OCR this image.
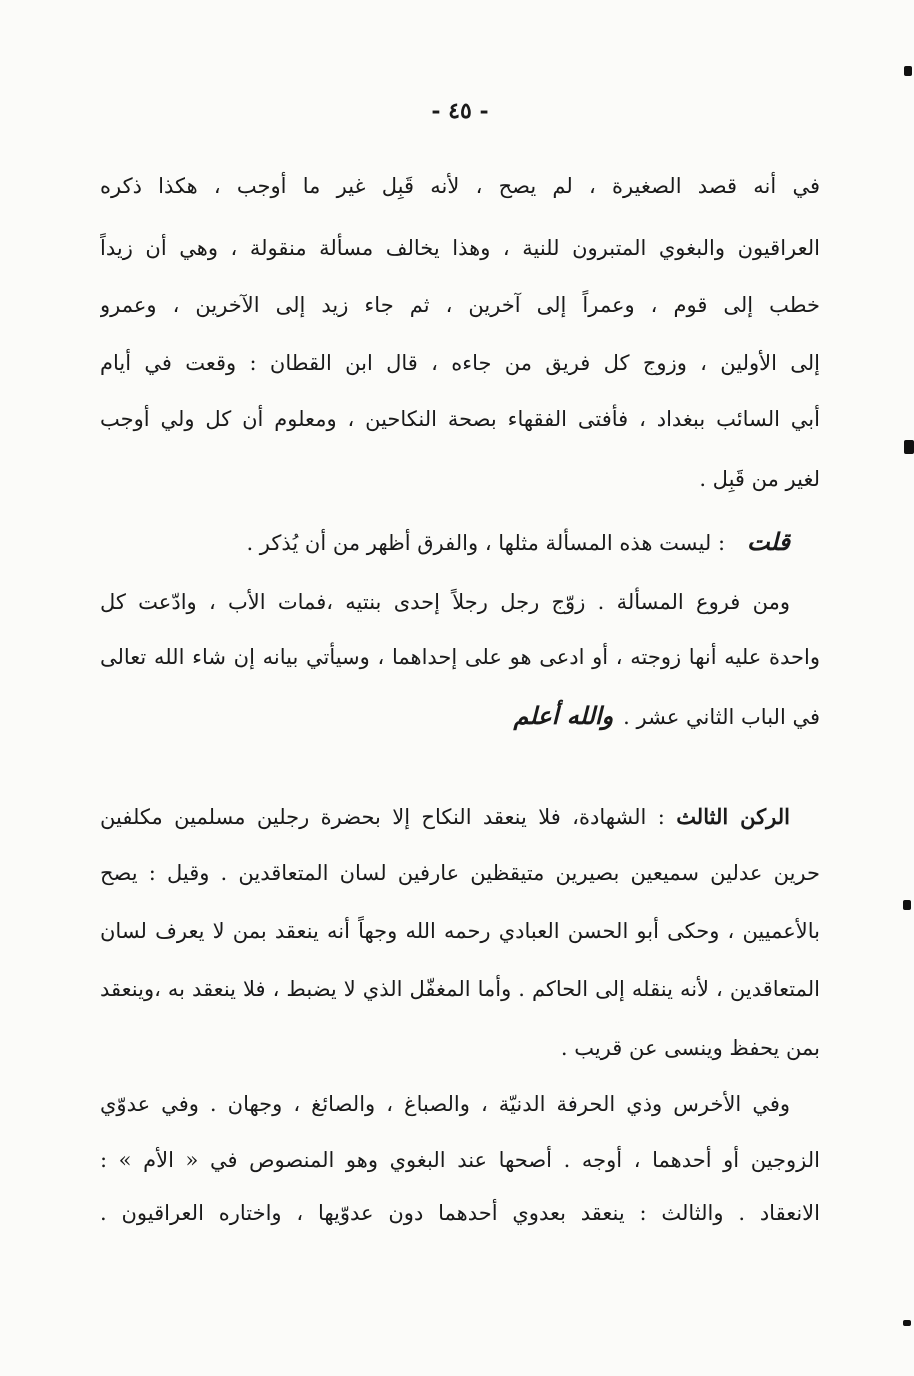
- ٤٥ -
في أنه قصد الصغيرة ، لم يصح ، لأنه قَبِل غير ما أوجب ، هكذا ذكره
العراقيون والبغوي المتبرون للنية ، وهذا يخالف مسألة منقولة ، وهي أن زيداً
خطب إلى قوم ، وعمراً إلى آخرين ، ثم جاء زيد إلى الآخرين ، وعمرو
إلى الأولين ، وزوج كل فريق من جاءه ، قال ابن القطان : وقعت في أيام
أبي السائب ببغداد ، فأفتى الفقهاء بصحة النكاحين ، ومعلوم أن كل ولي أوجب
لغير من قَبِل .
قلت: ليست هذه المسألة مثلها ، والفرق أظهر من أن يُذكر .
ومن فروع المسألة . زوّج رجل رجلاً إحدى بنتيه ،فمات الأب ، وادّعت كل
واحدة عليه أنها زوجته ، أو ادعى هو على إحداهما ، وسيأتي بيانه إن شاء الله تعالى
في الباب الثاني عشر .والله أعلم
الركن الثالث : الشهادة، فلا ينعقد النكاح إلا بحضرة رجلين مسلمين مكلفين
حرين عدلين سميعين بصيرين متيقظين عارفين لسان المتعاقدين . وقيل : يصح
بالأعميين ، وحكى أبو الحسن العبادي رحمه الله وجهاً أنه ينعقد بمن لا يعرف لسان
المتعاقدين ، لأنه ينقله إلى الحاكم . وأما المغفّل الذي لا يضبط ، فلا ينعقد به ،وينعقد
بمن يحفظ وينسى عن قريب .
وفي الأخرس وذي الحرفة الدنيّة ، والصباغ ، والصائغ ، وجهان . وفي عدوّي
الزوجين أو أحدهما ، أوجه . أصحها عند البغوي وهو المنصوص في « الأم » :
الانعقاد . والثالث : ينعقد بعدوي أحدهما دون عدوّيها ، واختاره العراقيون .
